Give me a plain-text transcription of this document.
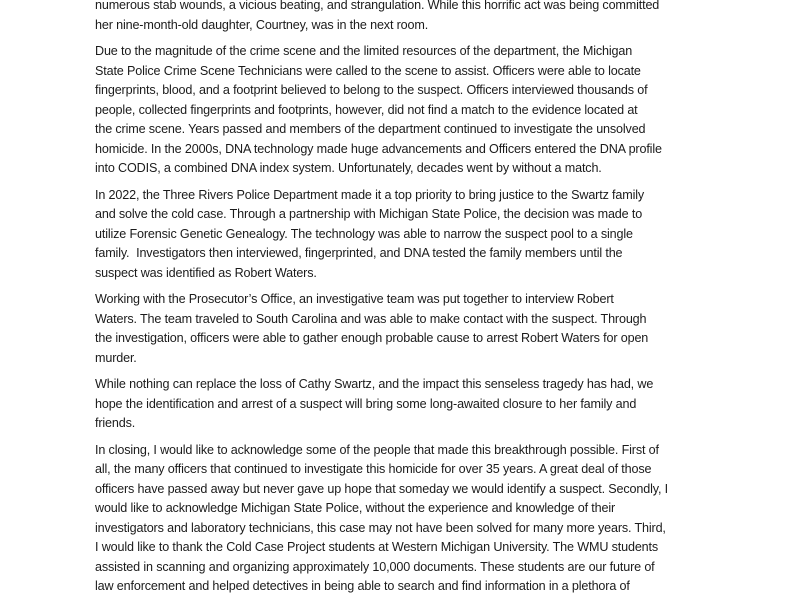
numerous stab wounds, a vicious beating, and strangulation. While this horrific act was being committed
her nine-month-old daughter, Courtney, was in the next room.
Due to the magnitude of the crime scene and the limited resources of the department, the Michigan
State Police Crime Scene Technicians were called to the scene to assist. Officers were able to locate
fingerprints, blood, and a footprint believed to belong to the suspect. Officers interviewed thousands of
people, collected fingerprints and footprints, however, did not find a match to the evidence located at
the crime scene. Years passed and members of the department continued to investigate the unsolved
homicide. In the 2000s, DNA technology made huge advancements and Officers entered the DNA profile
into CODIS, a combined DNA index system. Unfortunately, decades went by without a match.
In 2022, the Three Rivers Police Department made it a top priority to bring justice to the Swartz family
and solve the cold case. Through a partnership with Michigan State Police, the decision was made to
utilize Forensic Genetic Genealogy. The technology was able to narrow the suspect pool to a single
family.  Investigators then interviewed, fingerprinted, and DNA tested the family members until the
suspect was identified as Robert Waters.
Working with the Prosecutor’s Office, an investigative team was put together to interview Robert
Waters. The team traveled to South Carolina and was able to make contact with the suspect. Through
the investigation, officers were able to gather enough probable cause to arrest Robert Waters for open
murder.
While nothing can replace the loss of Cathy Swartz, and the impact this senseless tragedy has had, we
hope the identification and arrest of a suspect will bring some long-awaited closure to her family and
friends.
In closing, I would like to acknowledge some of the people that made this breakthrough possible. First of
all, the many officers that continued to investigate this homicide for over 35 years. A great deal of those
officers have passed away but never gave up hope that someday we would identify a suspect. Secondly, I
would like to acknowledge Michigan State Police, without the experience and knowledge of their
investigators and laboratory technicians, this case may not have been solved for many more years. Third,
I would like to thank the Cold Case Project students at Western Michigan University. The WMU students
assisted in scanning and organizing approximately 10,000 documents. These students are our future of
law enforcement and helped detectives in being able to search and find information in a plethora of
